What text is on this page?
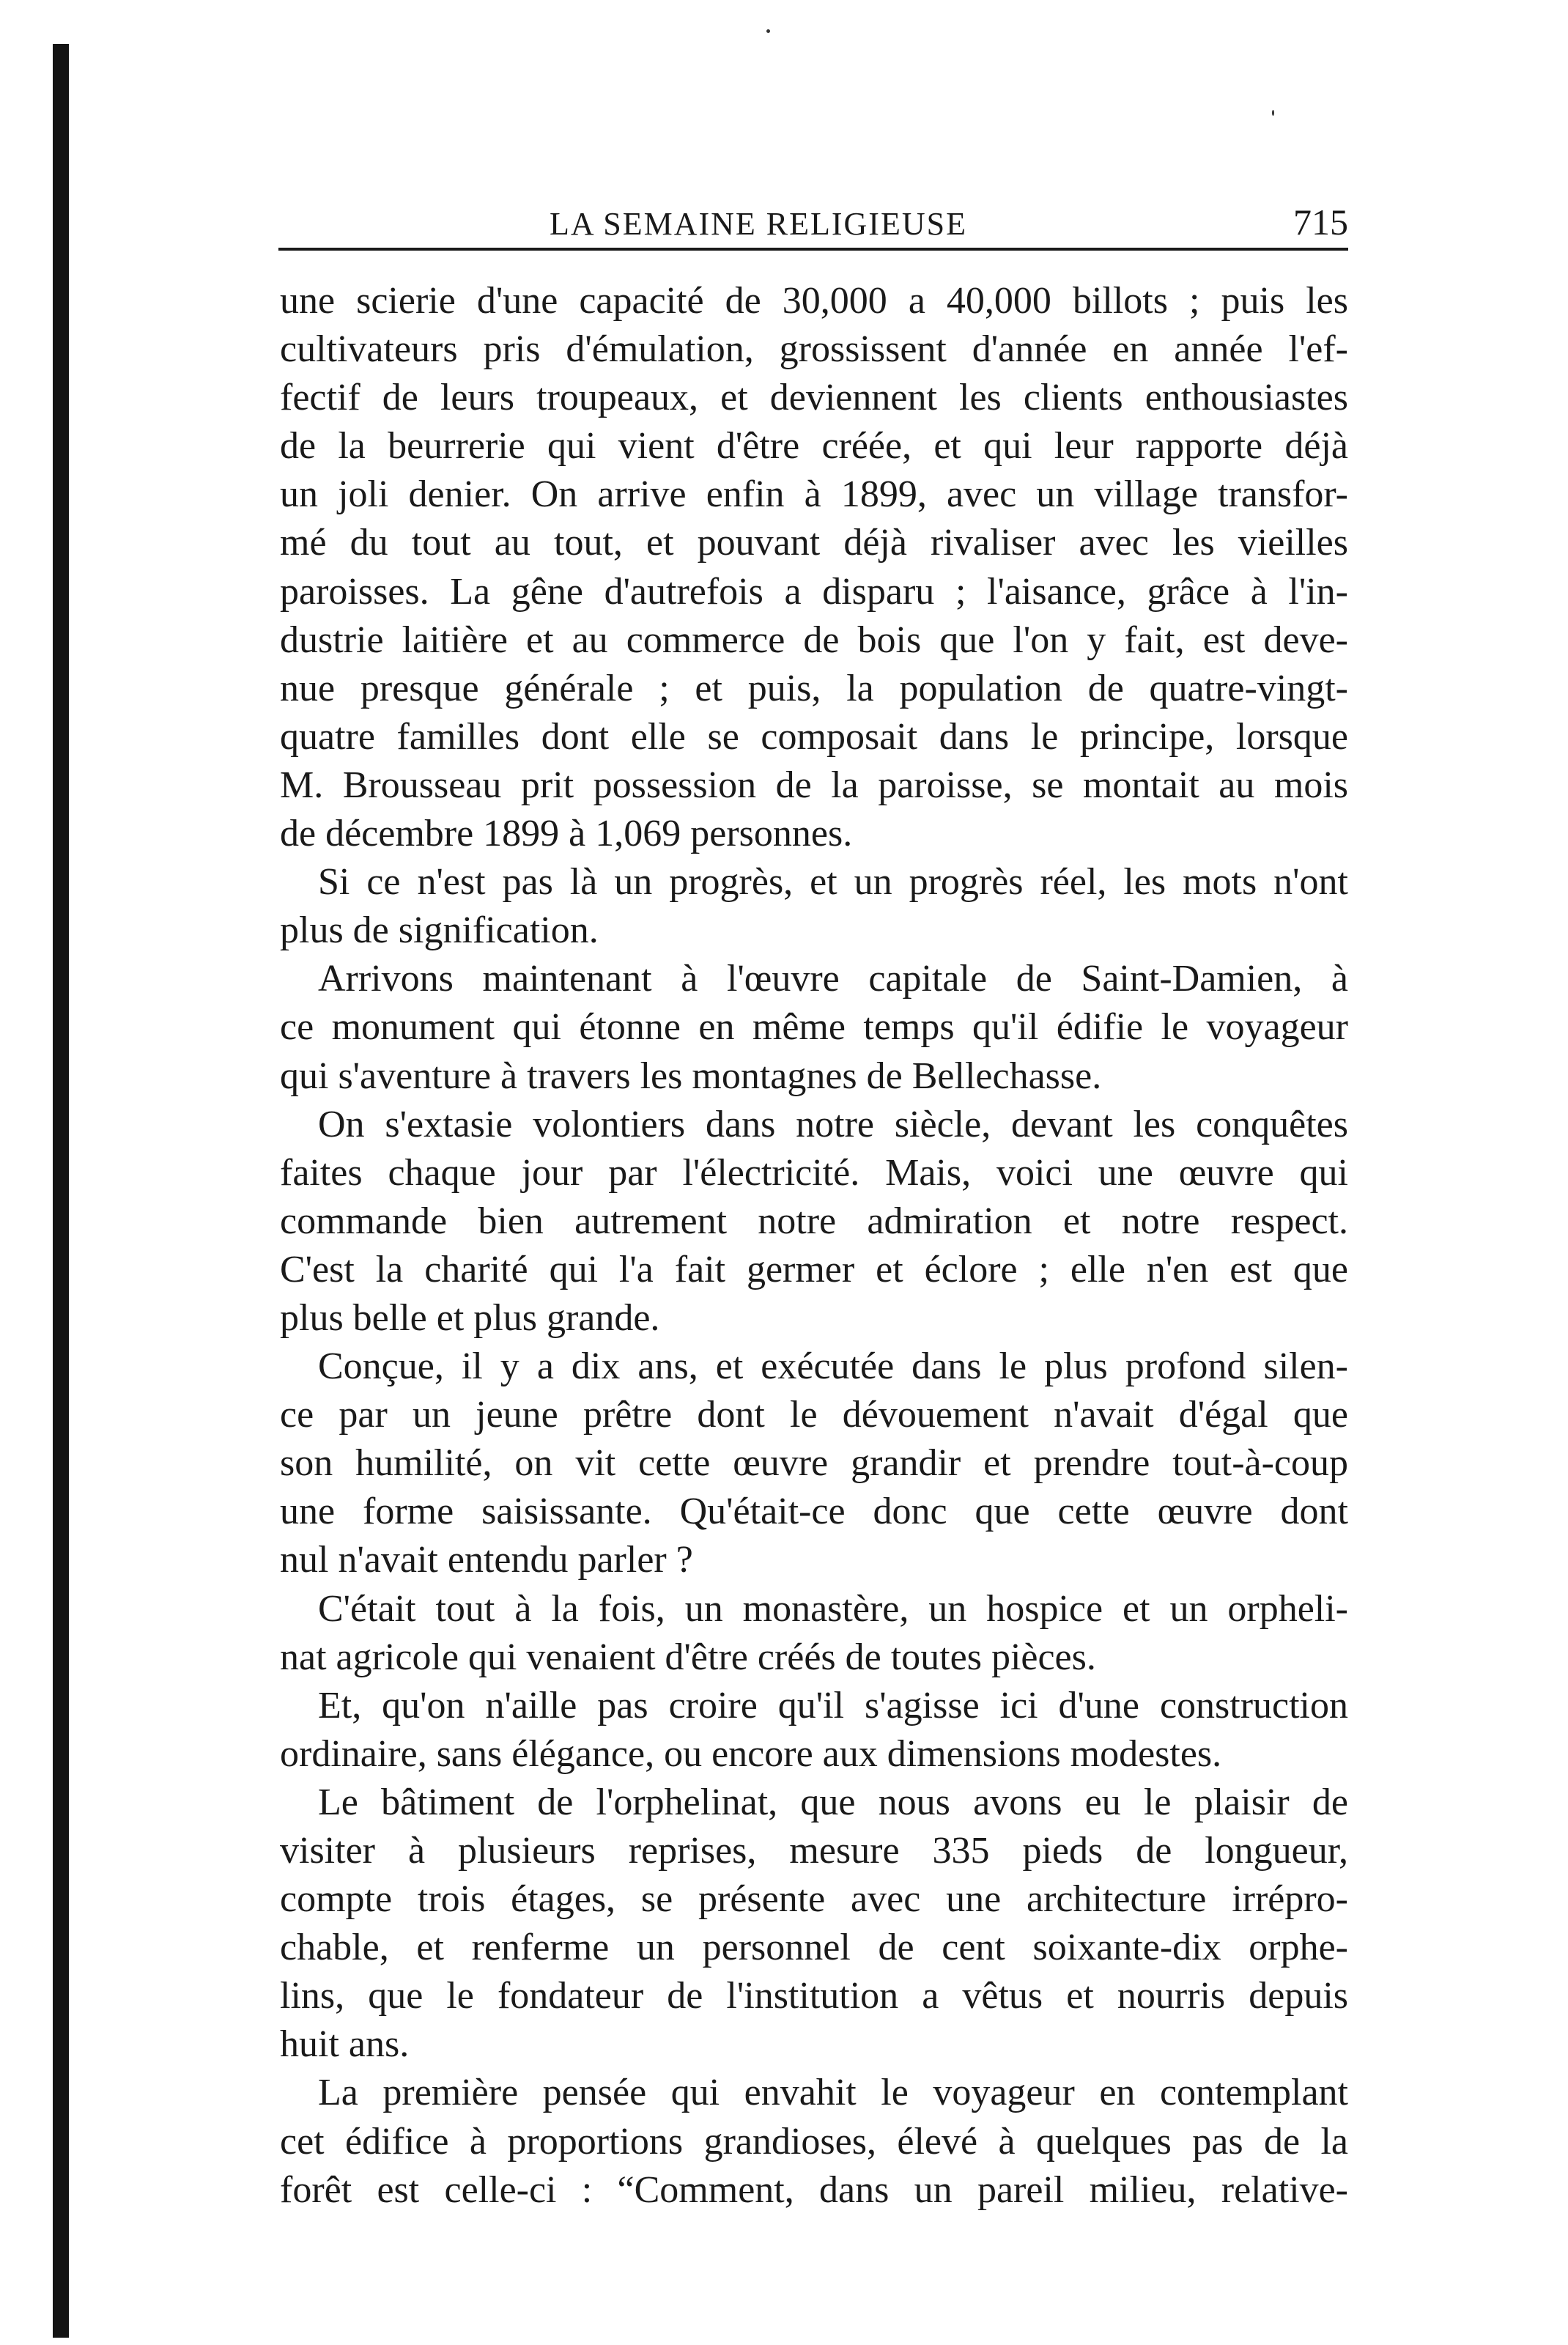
LA SEMAINE RELIGIEUSE	715
une scierie d'une capacité de 30,000 a 40,000 billots ; puis les
cultivateurs pris d'émulation, grossissent d'année en année l'ef-
fectif de leurs troupeaux, et deviennent les clients enthousiastes
de la beurrerie qui vient d'être créée, et qui leur rapporte déjà
un joli denier. On arrive enfin à 1899, avec un village transfor-
mé du tout au tout, et pouvant déjà rivaliser avec les vieilles
paroisses. La gêne d'autrefois a disparu ; l'aisance, grâce à l'in-
dustrie laitière et au commerce de bois que l'on y fait, est deve-
nue presque générale ; et puis, la population de quatre-vingt-
quatre familles dont elle se composait dans le principe, lorsque
M. Brousseau prit possession de la paroisse, se montait au mois
de décembre 1899 à 1,069 personnes.
Si ce n'est pas là un progrès, et un progrès réel, les mots n'ont
plus de signification.
Arrivons maintenant à l'œuvre capitale de Saint-Damien, à
ce monument qui étonne en même temps qu'il édifie le voyageur
qui s'aventure à travers les montagnes de Bellechasse.
On s'extasie volontiers dans notre siècle, devant les conquêtes
faites chaque jour par l'électricité. Mais, voici une œuvre qui
commande bien autrement notre admiration et notre respect.
C'est la charité qui l'a fait germer et éclore ; elle n'en est que
plus belle et plus grande.
Conçue, il y a dix ans, et exécutée dans le plus profond silen-
ce par un jeune prêtre dont le dévouement n'avait d'égal que
son humilité, on vit cette œuvre grandir et prendre tout-à-coup
une forme saisissante. Qu'était-ce donc que cette œuvre dont
nul n'avait entendu parler ?
C'était tout à la fois, un monastère, un hospice et un orpheli-
nat agricole qui venaient d'être créés de toutes pièces.
Et, qu'on n'aille pas croire qu'il s'agisse ici d'une construction
ordinaire, sans élégance, ou encore aux dimensions modestes.
Le bâtiment de l'orphelinat, que nous avons eu le plaisir de
visiter à plusieurs reprises, mesure 335 pieds de longueur,
compte trois étages, se présente avec une architecture irrépro-
chable, et renferme un personnel de cent soixante-dix orphe-
lins, que le fondateur de l'institution a vêtus et nourris depuis
huit ans.
La première pensée qui envahit le voyageur en contemplant
cet édifice à proportions grandioses, élevé à quelques pas de la
forêt est celle-ci : “Comment, dans un pareil milieu, relative-
